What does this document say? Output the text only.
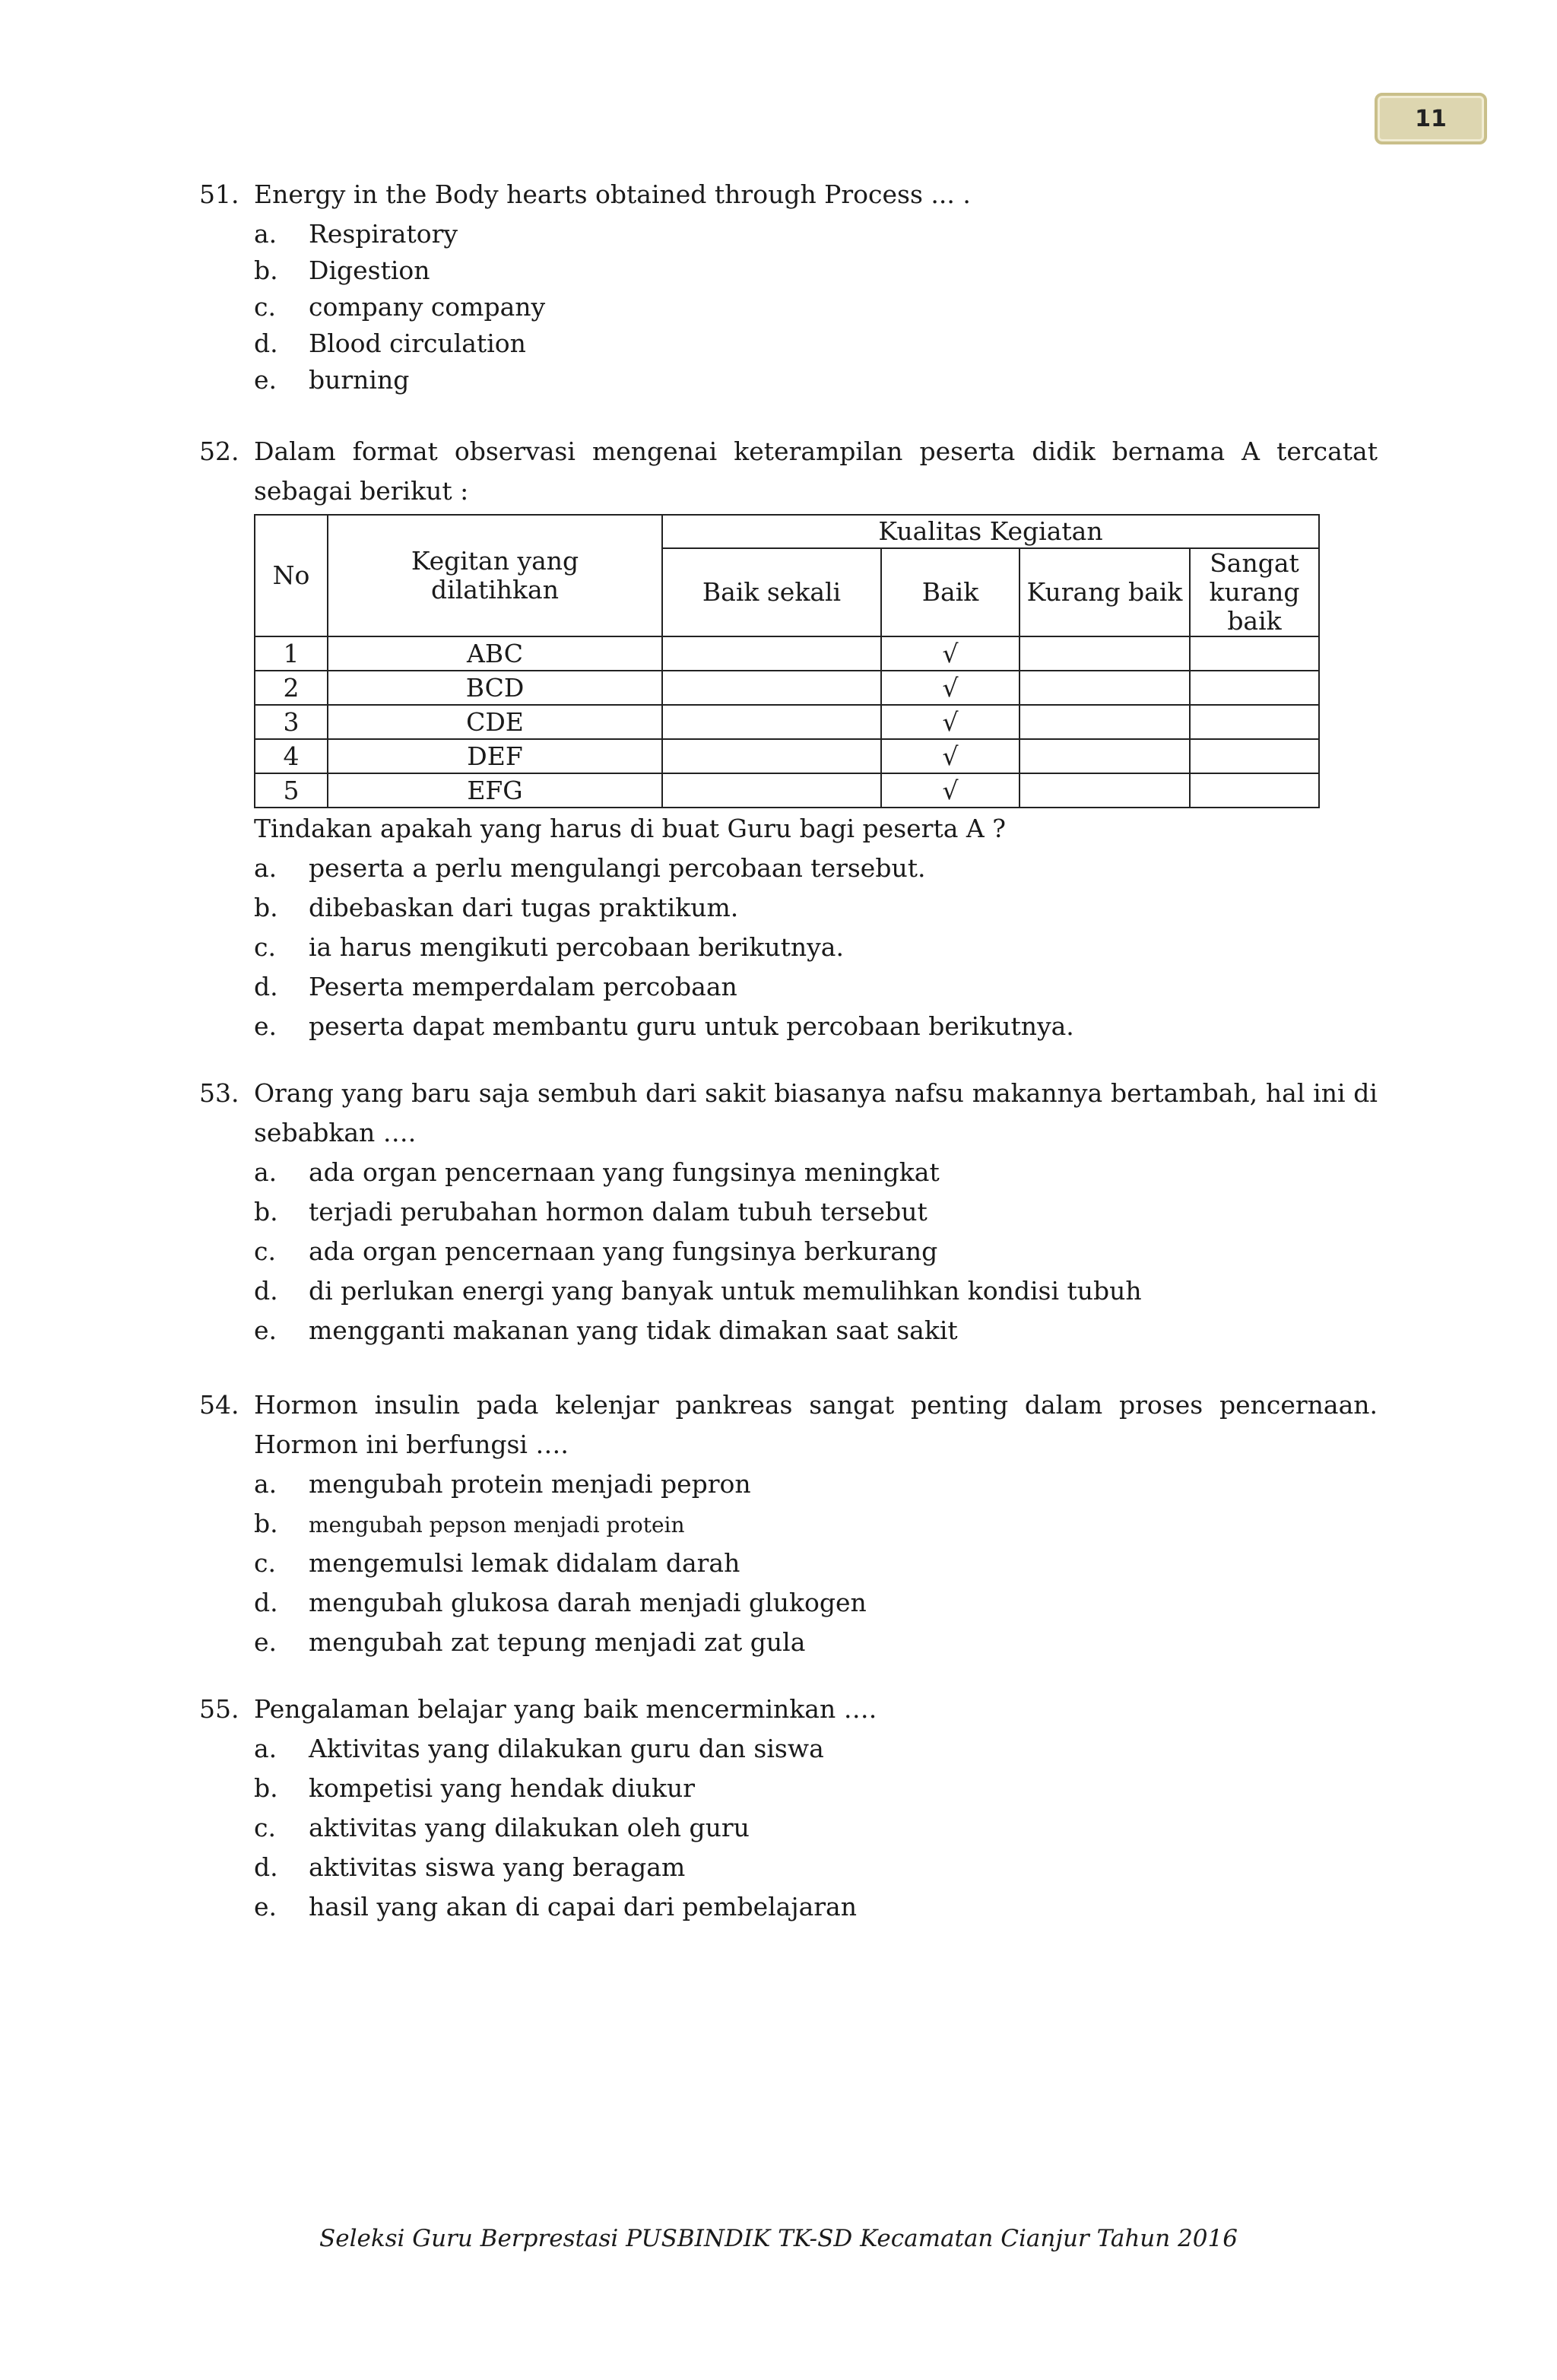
11
51. Energy in the Body hearts obtained through Process ... .
a. Respiratory
b. Digestion
c. company company
d. Blood circulation
e. burning
52. Dalam format observasi mengenai keterampilan peserta didik bernama A tercatat sebagai berikut :
No	Kegitan yang dilatihkan	Kualitas Kegiatan			
		Baik sekali	Baik	Kurang baik	Sangat kurang baik
1	ABC		√		
2	BCD		√		
3	CDE		√		
4	DEF		√		
5	EFG		√		
Tindakan apakah yang harus di buat Guru bagi peserta A ?
a. peserta a perlu mengulangi percobaan tersebut.
b. dibebaskan dari tugas praktikum.
c. ia harus mengikuti percobaan berikutnya.
d. Peserta memperdalam percobaan
e. peserta dapat membantu guru untuk percobaan berikutnya.
53. Orang yang baru saja sembuh dari sakit biasanya nafsu makannya bertambah, hal ini di sebabkan ….
a. ada organ pencernaan yang fungsinya meningkat
b. terjadi perubahan hormon dalam tubuh tersebut
c. ada organ pencernaan yang fungsinya berkurang
d. di perlukan energi yang banyak untuk memulihkan kondisi tubuh
e. mengganti makanan yang tidak dimakan saat sakit
54. Hormon insulin pada kelenjar pankreas sangat penting dalam proses pencernaan. Hormon ini berfungsi ….
a. mengubah protein menjadi pepron
b. mengubah pepson menjadi protein
c. mengemulsi lemak didalam darah
d. mengubah glukosa darah menjadi glukogen
e. mengubah zat tepung menjadi zat gula
55. Pengalaman belajar yang baik mencerminkan ….
a. Aktivitas yang dilakukan guru dan siswa
b. kompetisi yang hendak diukur
c. aktivitas yang dilakukan oleh guru
d. aktivitas siswa yang beragam
e. hasil yang akan di capai dari pembelajaran
Seleksi Guru Berprestasi PUSBINDIK TK-SD Kecamatan Cianjur Tahun 2016
